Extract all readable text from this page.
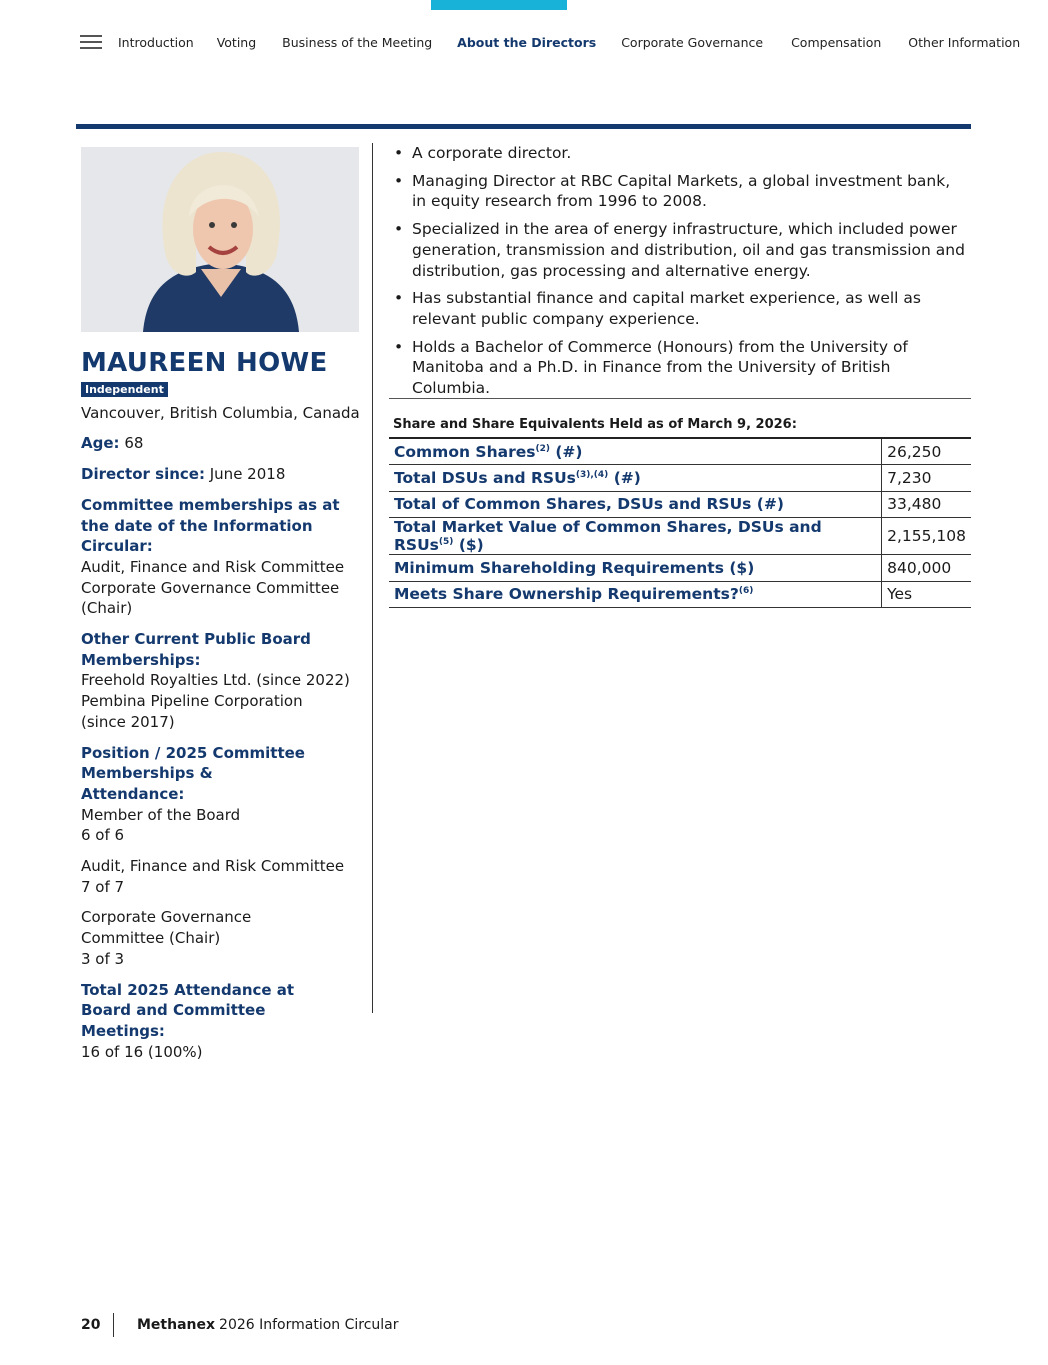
Introduction Voting Business of the Meeting About the Directors Corporate Governance Compensation Other Information
MAUREEN HOWE
Independent
Vancouver, British Columbia, Canada
Age: 68
Director since: June 2018
Committee memberships as at the date of the Information Circular:
Audit, Finance and Risk Committee
Corporate Governance Committee (Chair)
Other Current Public Board Memberships:
Freehold Royalties Ltd. (since 2022)
Pembina Pipeline Corporation (since 2017)
Position / 2025 Committee Memberships & Attendance:
Member of the Board
6 of 6
Audit, Finance and Risk Committee
7 of 7
Corporate Governance Committee (Chair)
3 of 3
Total 2025 Attendance at Board and Committee Meetings:
16 of 16 (100%)
• A corporate director.
• Managing Director at RBC Capital Markets, a global investment bank, in equity research from 1996 to 2008.
• Specialized in the area of energy infrastructure, which included power generation, transmission and distribution, oil and gas transmission and distribution, gas processing and alternative energy.
• Has substantial finance and capital market experience, as well as relevant public company experience.
• Holds a Bachelor of Commerce (Honours) from the University of Manitoba and a Ph.D. in Finance from the University of British Columbia.
Share and Share Equivalents Held as of March 9, 2026:
Common Shares$^{(2)}$ (#)	26,250
Total DSUs and RSUs$^{(3),(4)}$ (#)	7,230
Total of Common Shares, DSUs and RSUs (#)	33,480
Total Market Value of Common Shares, DSUs and RSUs$^{(5)}$ ($)	2,155,108
Minimum Shareholding Requirements ($)	840,000
Meets Share Ownership Requirements?$^{(6)}$	Yes
20	Methanex 2026 Information Circular
